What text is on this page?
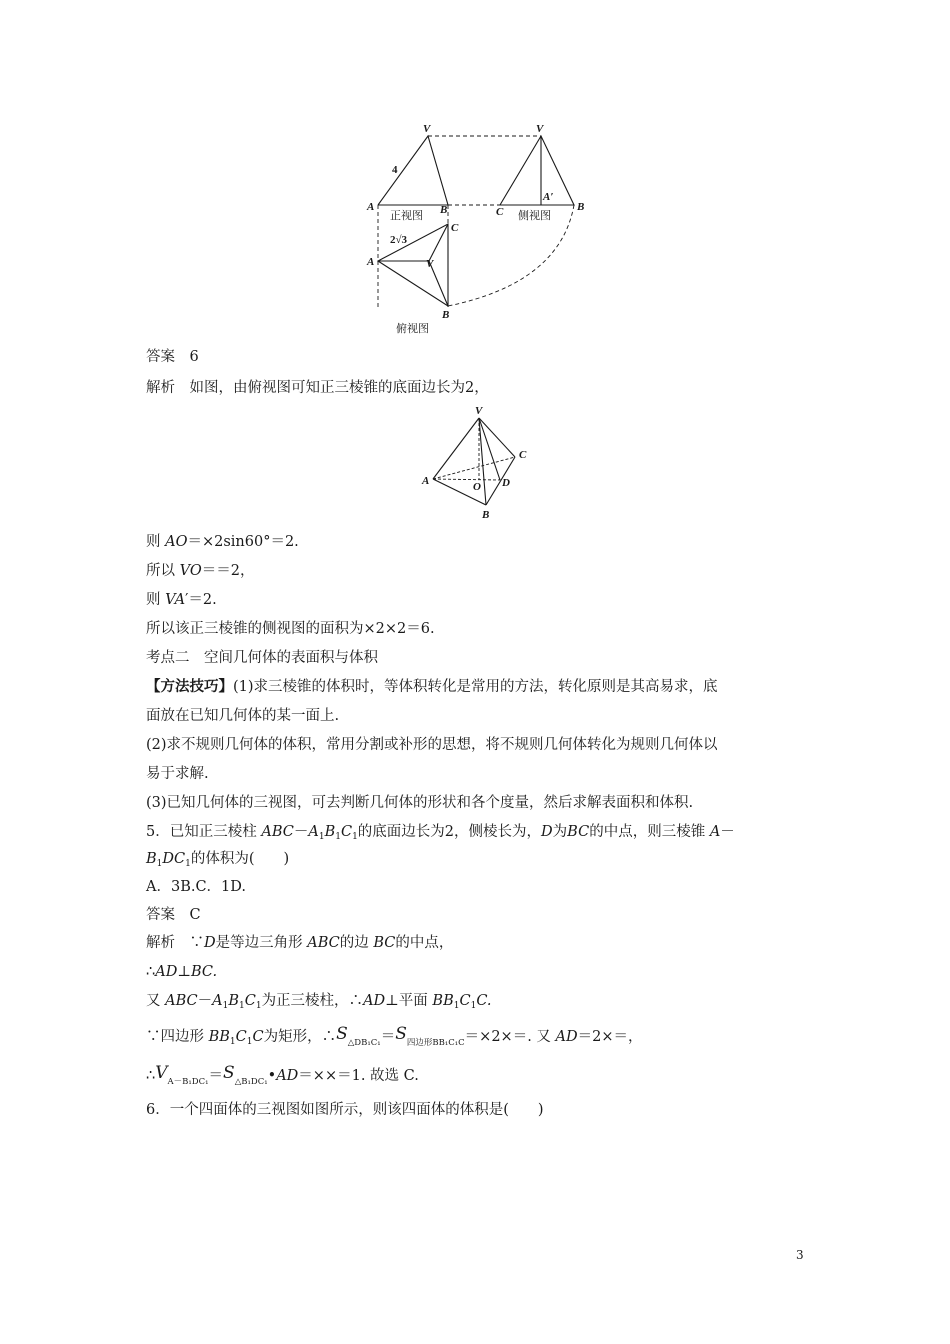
V	V
A	B	C	B
A′
4
正视图	侧视图
2√3
C
A	V
B
俯视图
答案　6
解析　如图，由俯视图可知正三棱锥的底面边长为2，
V
A
C
O D
B
则 AO＝×2sin60°＝2.
所以 VO＝＝2，
则 VA′＝2.
所以该正三棱锥的侧视图的面积为×2×2＝6.
考点二　空间几何体的表面积与体积
【方法技巧】(1)求三棱锥的体积时，等体积转化是常用的方法，转化原则是其高易求，底
面放在已知几何体的某一面上.
(2)求不规则几何体的体积，常用分割或补形的思想，将不规则几何体转化为规则几何体以
易于求解.
(3)已知几何体的三视图，可去判断几何体的形状和各个度量，然后求解表面积和体积.
5．已知正三棱柱 $ABC-A_1B_1C_1$的底面边长为2，侧棱长为，D为BC的中点，则三棱锥 A－
$B_1DC_1$的体积为(　　)
A．3B.C．1D.
答案　C
解析　∵D是等边三角形 ABC的边 BC的中点，
∴AD⊥BC.
又 $ABC-A_1B_1C_1$为正三棱柱，∴AD⊥平面 $BB_1C_1C$.
∵四边形 $BB_1C_1C$为矩形，$\therefore S_{\triangle DB_1C_1}=S_{四边形BB_1C_1C}=\times 2\times=$. 又 AD＝2×＝，
$\therefore V_{A-B_1DC_1}=S_{\triangle B_1DC_1}•AD=\times\times=1$. 故选 C.
6．一个四面体的三视图如图所示，则该四面体的体积是(　　)
3
